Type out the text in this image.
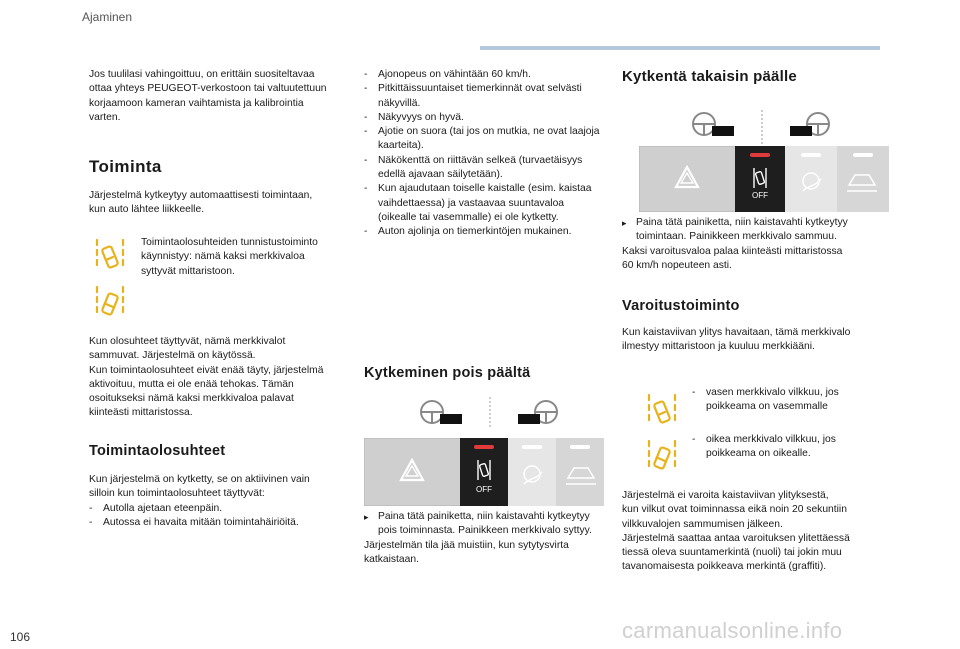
Ajaminen
Jos tuulilasi vahingoittuu, on erittäin suositeltavaa
ottaa yhteys PEUGEOT-verkostoon tai valtuutettuun
korjaamoon kameran vaihtamista ja kalibrointia
varten.
Toiminta
Järjestelmä kytkeytyy automaattisesti toimintaan,
kun auto lähtee liikkeelle.
Toimintaolosuhteiden tunnistustoiminto
käynnistyy: nämä kaksi merkkivaloa
syttyvät mittaristoon.
Kun olosuhteet täyttyvät, nämä merkkivalot
sammuvat. Järjestelmä on käytössä.
Kun toimintaolosuhteet eivät enää täyty, järjestelmä
aktivoituu, mutta ei ole enää tehokas. Tämän
osoitukseksi nämä kaksi merkkivaloa palavat
kiinteästi mittaristossa.
Toimintaolosuhteet
Kun järjestelmä on kytketty, se on aktiivinen vain
silloin kun toimintaolosuhteet täyttyvät:
- Autolla ajetaan eteenpäin.
- Autossa ei havaita mitään toimintahäiriöitä.
- Ajonopeus on vähintään 60 km/h.
- Pitkittäissuuntaiset tiemerkinnät ovat selvästi
näkyvillä.
- Näkyvyys on hyvä.
- Ajotie on suora (tai jos on mutkia, ne ovat laajoja
kaarteita).
- Näkökenttä on riittävän selkeä (turvaetäisyys
edellä ajavaan säilytetään).
- Kun ajaudutaan toiselle kaistalle (esim. kaistaa
vaihdettaessa) ja vastaavaa suuntavaloa
(oikealle tai vasemmalle) ei ole kytketty.
- Auton ajolinja on tiemerkintöjen mukainen.
Kytkeminen pois päältä
OFF
▸ Paina tätä painiketta, niin kaistavahti kytkeytyy
pois toiminnasta. Painikkeen merkkivalo syttyy.
Järjestelmän tila jää muistiin, kun sytytysvirta
katkaistaan.
Kytkentä takaisin päälle
OFF
▸ Paina tätä painiketta, niin kaistavahti kytkeytyy
toimintaan. Painikkeen merkkivalo sammuu.
Kaksi varoitusvaloa palaa kiinteästi mittaristossa
60 km/h nopeuteen asti.
Varoitustoiminto
Kun kaistaviivan ylitys havaitaan, tämä merkkivalo
ilmestyy mittaristoon ja kuuluu merkkiääni.
- vasen merkkivalo vilkkuu, jos
poikkeama on vasemmalle
- oikea merkkivalo vilkkuu, jos
poikkeama on oikealle.
Järjestelmä ei varoita kaistaviivan ylityksestä,
kun vilkut ovat toiminnassa eikä noin 20 sekuntiin
vilkkuvalojen sammumisen jälkeen.
Järjestelmä saattaa antaa varoituksen ylitettäessä
tiessä oleva suuntamerkintä (nuoli) tai jokin muu
tavanomaisesta poikkeava merkintä (graffiti).
106	carmanualsonline.info
